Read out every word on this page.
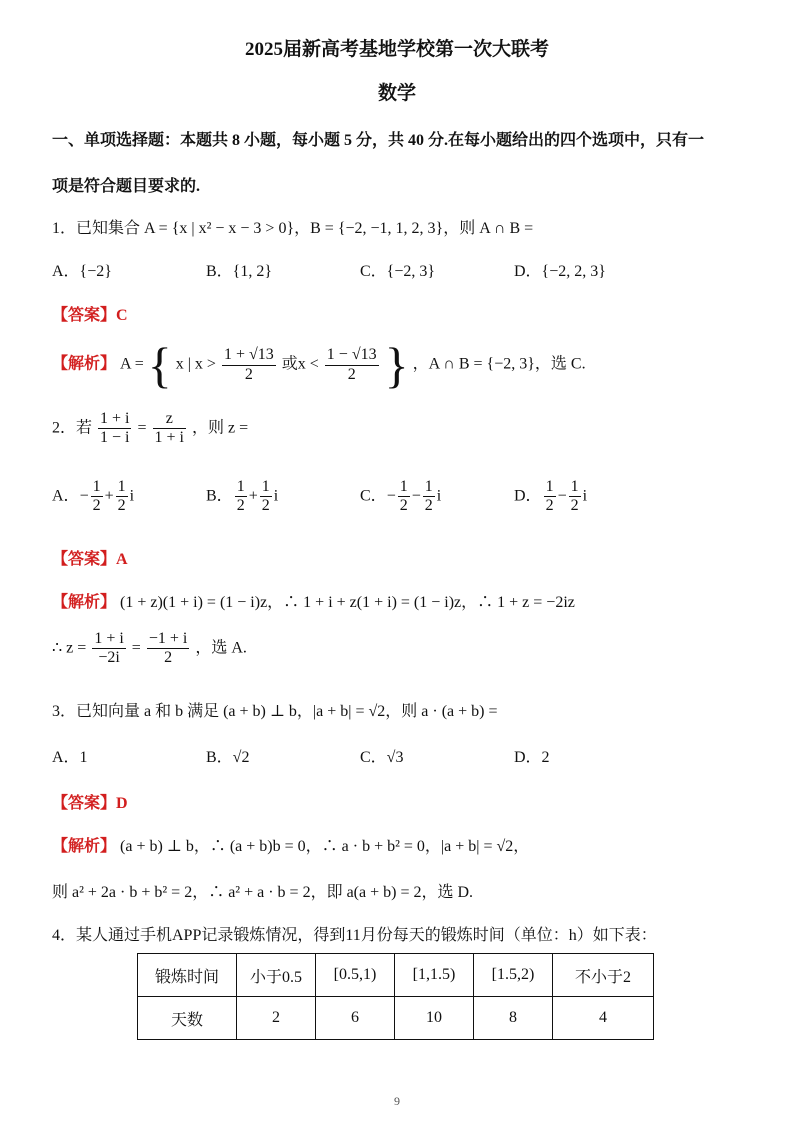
2025届新高考基地学校第一次大联考
数学
一、单项选择题：本题共 8 小题，每小题 5 分，共 40 分.在每小题给出的四个选项中，只有一
项是符合题目要求的.
1．已知集合 A = {x | x² − x − 3 > 0}，B = {−2, −1, 1, 2, 3}，则 A ∩ B =
A．{−2}	B．{1, 2}	C．{−2, 3}	D．{−2, 2, 3}
【答案】C
【解析】 A = { x | $x > \frac{1 + √13}{2}$ 或$x < \frac{1 - √13}{2}$ } ，A ∩ B = {−2, 3}，选 C.
2．若 $\frac{1 + i}{1 - i} = \frac{z}{1 + i}$ ，则 z =
A．− $\frac{1}{2} + \frac{1}{2}$ i	B． $\frac{1}{2} + \frac{1}{2}$ i	C．− $\frac{1}{2} - \frac{1}{2}$ i	D． $\frac{1}{2} - \frac{1}{2}$ i
【答案】A
【解析】 (1 + z)(1 + i) = (1 − i)z，∴ 1 + i + z(1 + i) = (1 − i)z，∴ 1 + z = −2iz
∴ $z = \frac{1 + i}{-2i} = \frac{-1 + i}{2}$ ，选 A.
3．已知向量 a 和 b 满足 (a + b) ⊥ b，|a + b| = √2，则 a · (a + b) =
A．1	B．√2	C．√3	D．2
【答案】D
【解析】 (a + b) ⊥ b，∴ (a + b)b = 0，∴ a · b + b² = 0，|a + b| = √2，
则 a² + 2a · b + b² = 2，∴ a² + a · b = 2，即 a(a + b) = 2，选 D.
4．某人通过手机APP记录锻炼情况，得到11月份每天的锻炼时间（单位：h）如下表：
锻炼时间	小于0.5	[0.5,1)	[1,1.5)	[1.5,2)	不小于2
天数	2	6	10	8	4
9
